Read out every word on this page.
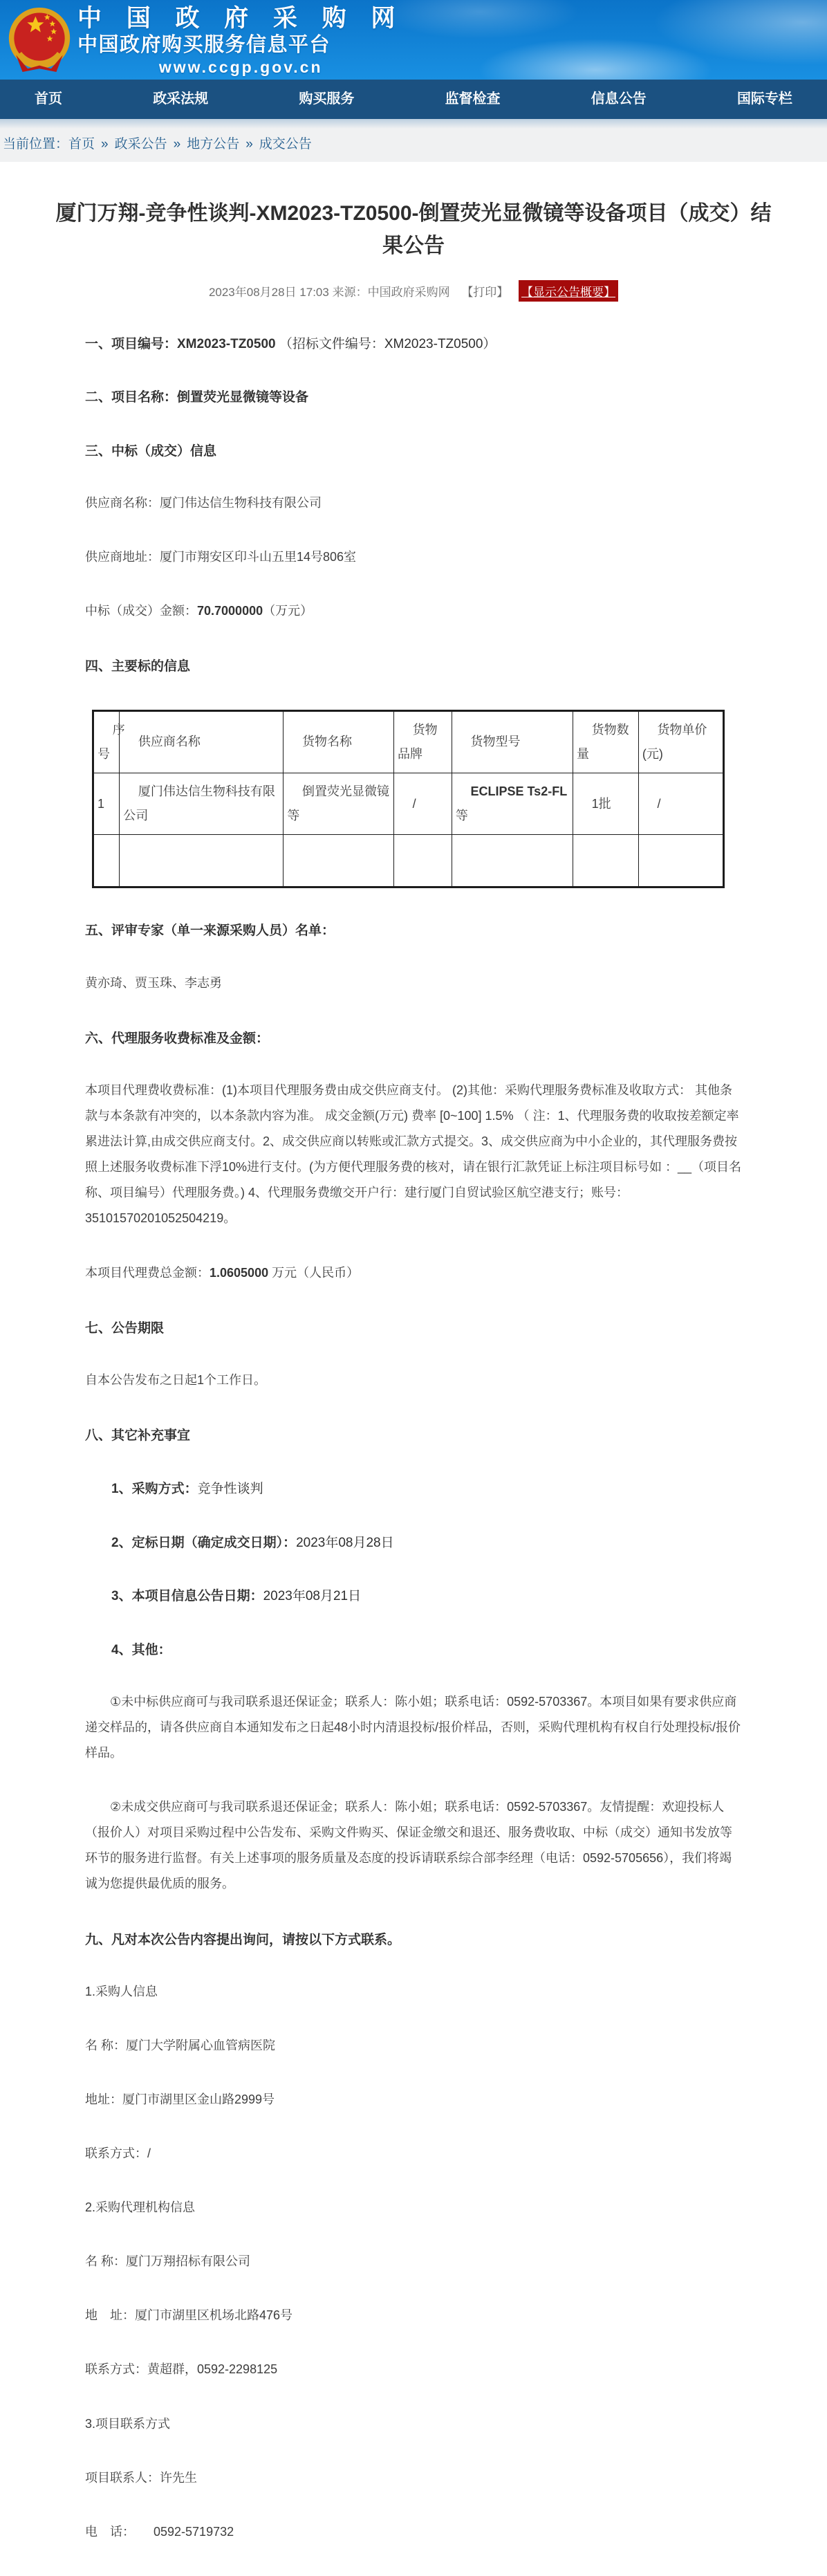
中 国 政 府 采 购 网
中国政府购买服务信息平台
www.ccgp.gov.cn
首页	政采法规	购买服务	监督检查	信息公告	国际专栏
当前位置：首页 » 政采公告 » 地方公告 » 成交公告
厦门万翔-竞争性谈判-XM2023-TZ0500-倒置荧光显微镜等设备项目（成交）结果公告
2023年08月28日 17:03 来源：中国政府采购网 【打印】 【显示公告概要】
一、项目编号：XM2023-TZ0500 （招标文件编号：XM2023-TZ0500）
二、项目名称：倒置荧光显微镜等设备
三、中标（成交）信息

供应商名称：厦门伟达信生物科技有限公司

供应商地址：厦门市翔安区印斗山五里14号806室

中标（成交）金额：70.7000000（万元）

四、主要标的信息
序号	供应商名称	货物名称	货物品牌	货物型号	货物数量	货物单价(元)
1	厦门伟达信生物科技有限公司	倒置荧光显微镜等	/	ECLIPSE Ts2-FL等	1批	/

五、评审专家（单一来源采购人员）名单：

黄亦琦、贾玉珠、李志勇

六、代理服务收费标准及金额：

本项目代理费收费标准：(1)本项目代理服务费由成交供应商支付。 (2)其他：采购代理服务费标准及收取方式： 其他条款与本条款有冲突的，以本条款内容为准。 成交金额(万元) 费率 [0~100] 1.5% （ 注：1、代理服务费的收取按差额定率累进法计算,由成交供应商支付。2、成交供应商以转账或汇款方式提交。3、成交供应商为中小企业的，其代理服务费按照上述服务收费标准下浮10%进行支付。(为方便代理服务费的核对，请在银行汇款凭证上标注项目标号如 ：__（项目名称、项目编号）代理服务费。) 4、代理服务费缴交开户行：建行厦门自贸试验区航空港支行；账号：35101570201052504219。

本项目代理费总金额：1.0605000 万元（人民币）

七、公告期限

自本公告发布之日起1个工作日。

八、其它补充事宜
1、采购方式：竞争性谈判
2、定标日期（确定成交日期）：2023年08月28日
3、本项目信息公告日期：2023年08月21日
4、其他：

①未中标供应商可与我司联系退还保证金；联系人：陈小姐；联系电话：0592-5703367。本项目如果有要求供应商递交样品的，请各供应商自本通知发布之日起48小时内清退投标/报价样品，否则，采购代理机构有权自行处理投标/报价样品。

②未成交供应商可与我司联系退还保证金；联系人：陈小姐；联系电话：0592-5703367。友情提醒：欢迎投标人（报价人）对项目采购过程中公告发布、采购文件购买、保证金缴交和退还、服务费收取、中标（成交）通知书发放等环节的服务进行监督。有关上述事项的服务质量及态度的投诉请联系综合部李经理（电话：0592-5705656），我们将竭诚为您提供最优质的服务。

九、凡对本次公告内容提出询问，请按以下方式联系。

1.采购人信息

名 称：厦门大学附属心血管病医院

地址：厦门市湖里区金山路2999号

联系方式：/

2.采购代理机构信息

名 称：厦门万翔招标有限公司

地　址：厦门市湖里区机场北路476号

联系方式：黄超群，0592-2298125

3.项目联系方式

项目联系人：许先生

电　话：　　0592-5719732
